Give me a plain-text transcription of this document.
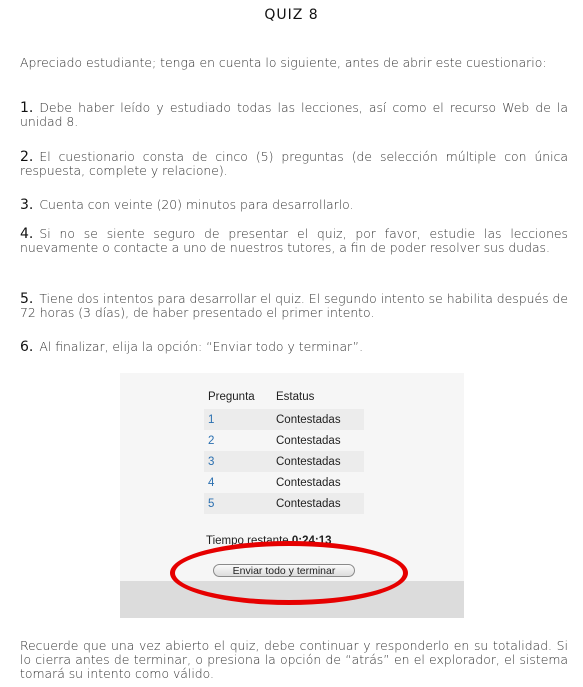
QUIZ 8
Apreciado estudiante; tenga en cuenta lo siguiente, antes de abrir este cuestionario:
1. Debe haber leído y estudiado todas las lecciones, así como el recurso Web de la unidad 8.
2. El cuestionario consta de cinco (5) preguntas (de selección múltiple con única respuesta, complete y relacione).
3. Cuenta con veinte (20) minutos para desarrollarlo.
4. Si no se siente seguro de presentar el quiz, por favor, estudie las lecciones nuevamente o contacte a uno de nuestros tutores, a fin de poder resolver sus dudas.
5. Tiene dos intentos para desarrollar el quiz. El segundo intento se habilita después de 72 horas (3 días), de haber presentado el primer intento.
6. Al finalizar, elija la opción: “Enviar todo y terminar”.
Pregunta	Estatus
1	Contestadas
2	Contestadas
3	Contestadas
4	Contestadas
5	Contestadas
Tiempo restante 0:24:13
Enviar todo y terminar
Recuerde que una vez abierto el quiz, debe continuar y responderlo en su totalidad. Si lo cierra antes de terminar, o presiona la opción de “atrás” en el explorador, el sistema tomará su intento como válido.
